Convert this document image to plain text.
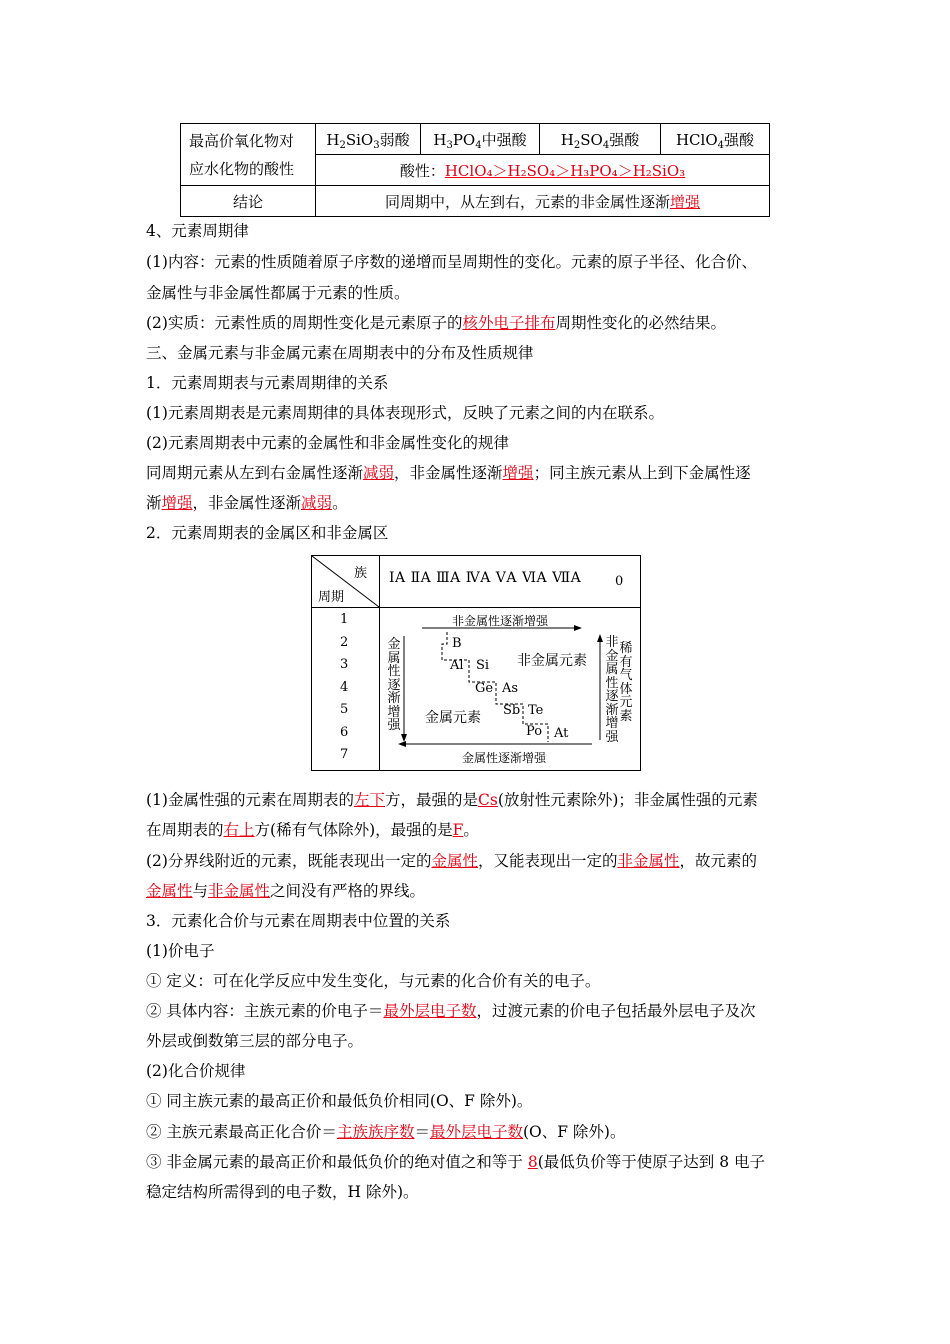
最高价氧化物对
应水化物的酸性	$H_2SiO_3$弱酸	$H_3PO_4$中强酸	$H_2SO_4$强酸	HClO$_4$强酸
	酸性：HClO₄＞H₂SO₄＞H₃PO₄＞H₂SiO₃			
结论	同周期中，从左到右，元素的非金属性逐渐增强			
4、元素周期律
(1)内容：元素的性质随着原子序数的递增而呈周期性的变化。元素的原子半径、化合价、
金属性与非金属性都属于元素的性质。
(2)实质：元素性质的周期性变化是元素原子的核外电子排布周期性变化的必然结果。
三、金属元素与非金属元素在周期表中的分布及性质规律
1．元素周期表与元素周期律的关系
(1)元素周期表是元素周期律的具体表现形式，反映了元素之间的内在联系。
(2)元素周期表中元素的金属性和非金属性变化的规律
同周期元素从左到右金属性逐渐减弱，非金属性逐渐增强；同主族元素从上到下金属性逐
渐增强，非金属性逐渐减弱。
2．元素周期表的金属区和非金属区
族
周期
ⅠA ⅡA ⅢA ⅣA ⅤA ⅥA ⅦA	0
1
2
3
4
5
6
7
非金属性逐渐增强
金属性逐渐增强
金属性逐渐增强
非金属性逐渐增强
稀有气体元素
非金属元素
金属元素
B
Al Si
Ge As
Sb Te
Po At
(1)金属性强的元素在周期表的左下方，最强的是Cs(放射性元素除外)；非金属性强的元素
在周期表的右上方(稀有气体除外)，最强的是F。
(2)分界线附近的元素，既能表现出一定的金属性，又能表现出一定的非金属性，故元素的
金属性与非金属性之间没有严格的界线。
3．元素化合价与元素在周期表中位置的关系
(1)价电子
① 定义：可在化学反应中发生变化，与元素的化合价有关的电子。
② 具体内容：主族元素的价电子＝最外层电子数，过渡元素的价电子包括最外层电子及次
外层或倒数第三层的部分电子。
(2)化合价规律
① 同主族元素的最高正价和最低负价相同(O、F 除外)。
② 主族元素最高正化合价＝主族族序数＝最外层电子数(O、F 除外)。
③ 非金属元素的最高正价和最低负价的绝对值之和等于 8(最低负价等于使原子达到 8 电子
稳定结构所需得到的电子数，H 除外)。
